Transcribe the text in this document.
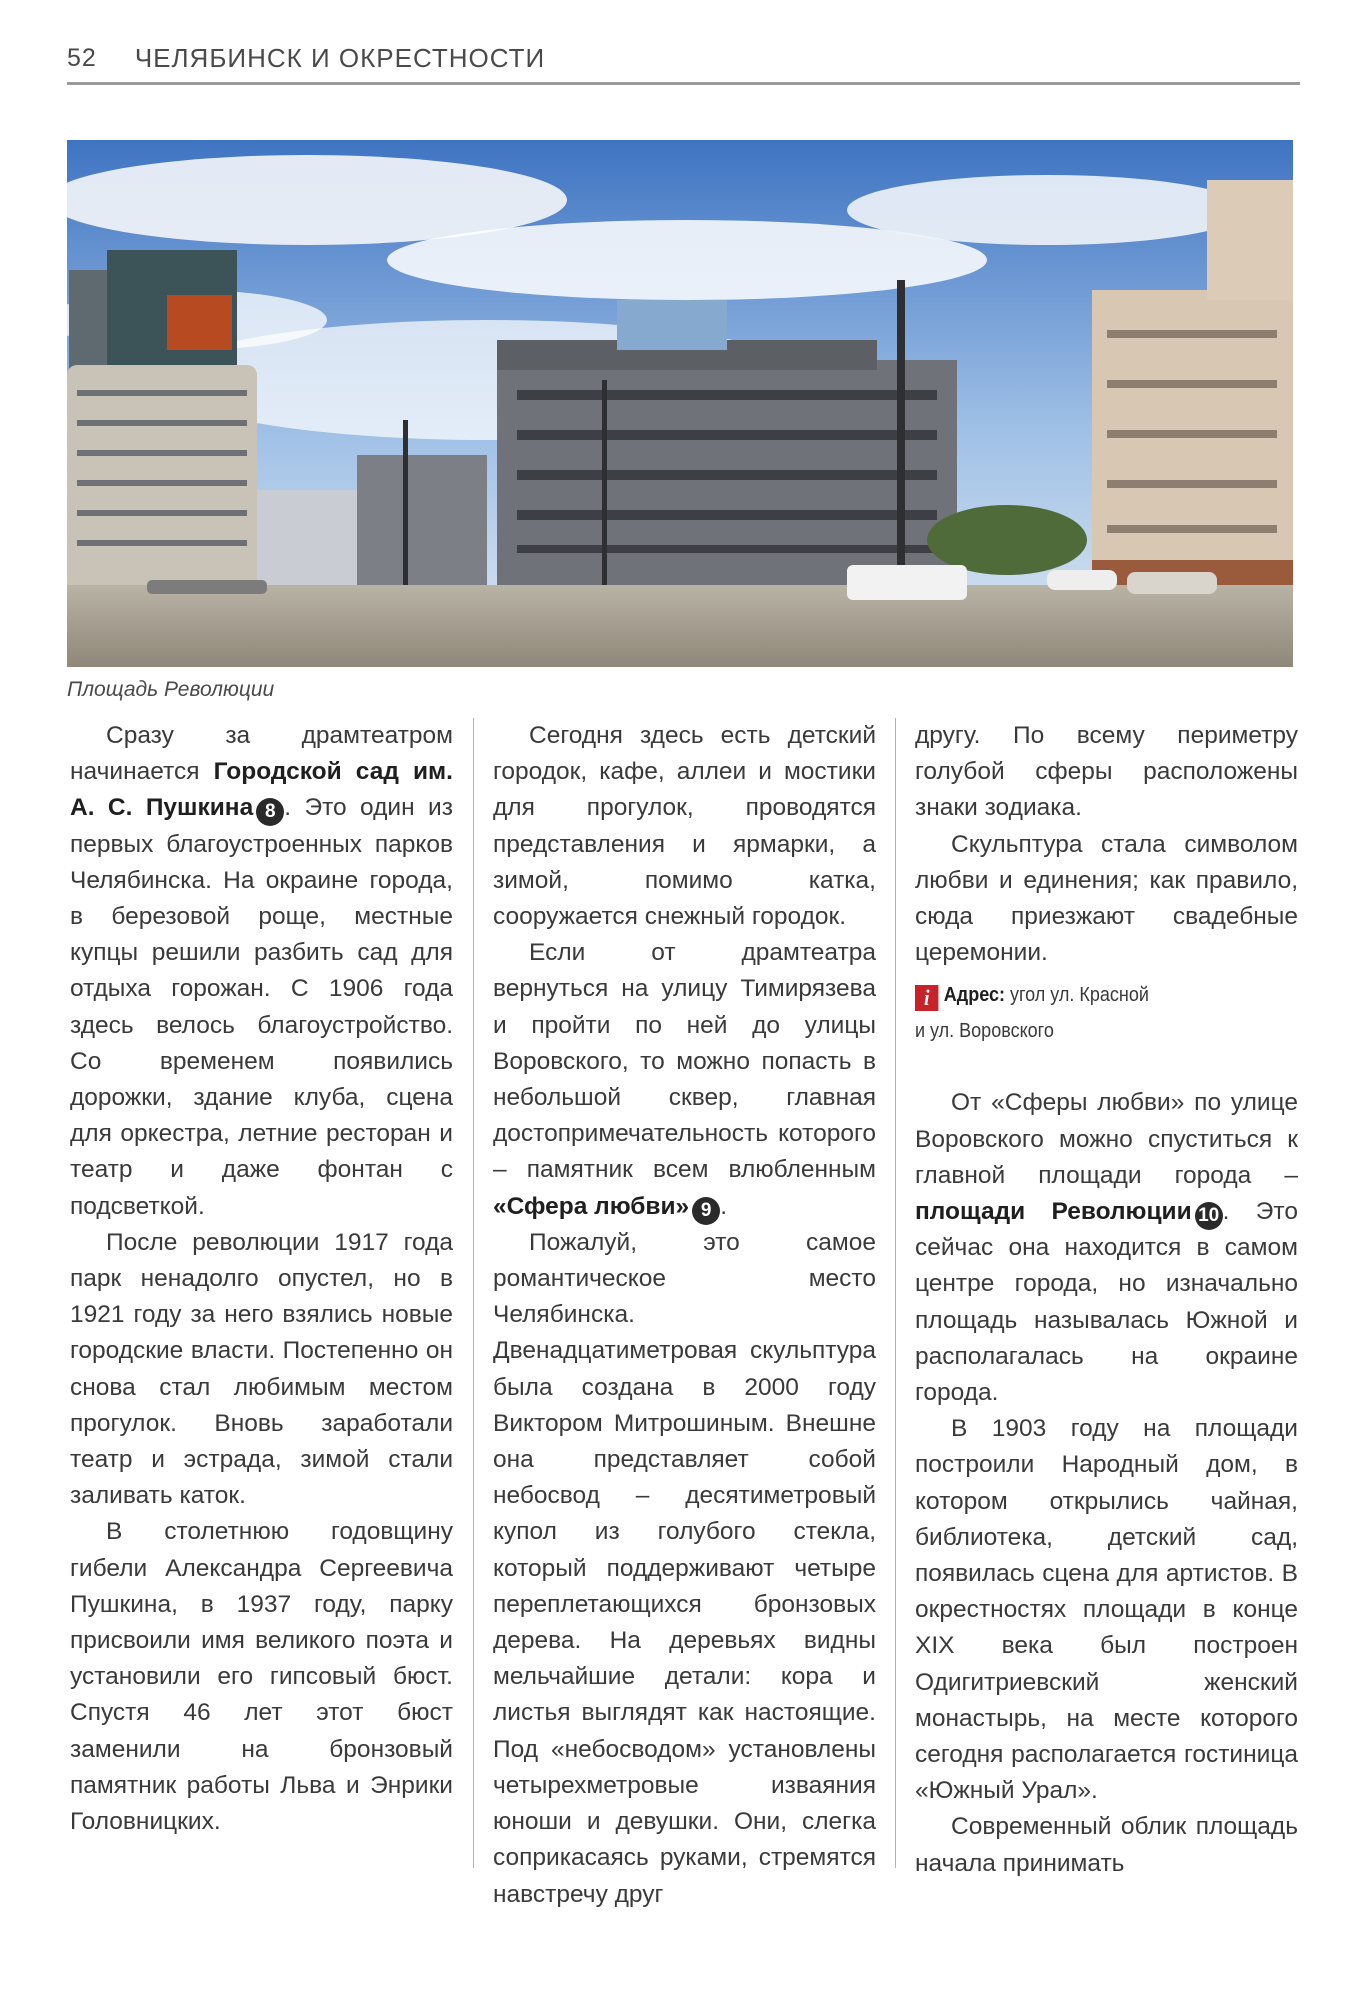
52 ЧЕЛЯБИНСК И ОКРЕСТНОСТИ
Площадь Революции

Сразу за драмтеатром начинается Городской сад им. А. С. Пушкина 8 . Это один из первых благоустроенных парков Челябинска. На окраине города, в березовой роще, местные купцы решили разбить сад для отдыха горожан. С 1906 года здесь велось благоустройство. Со временем появились дорожки, здание клуба, сцена для оркестра, летние ресторан и театр и даже фонтан с подсветкой.

После революции 1917 года парк ненадолго опустел, но в 1921 году за него взялись новые городские власти. Постепенно он снова стал любимым местом прогулок. Вновь заработали театр и эстрада, зимой стали заливать каток.

В столетнюю годовщину гибели Александра Сергеевича Пушкина, в 1937 году, парку присвоили имя великого поэта и установили его гипсовый бюст. Спустя 46 лет этот бюст заменили на бронзовый памятник работы Льва и Энрики Головницких.

Сегодня здесь есть детский городок, кафе, аллеи и мостики для прогулок, проводятся представления и ярмарки, а зимой, помимо катка, сооружается снежный городок.

Если от драмтеатра вернуться на улицу Тимирязева и пройти по ней до улицы Воровского, то можно попасть в небольшой сквер, главная достопримечательность которого – памятник всем влюбленным «Сфера любви» 9 .

Пожалуй, это самое романтическое место Челябинска. Двенадцатиметровая скульптура была создана в 2000 году Виктором Митрошиным. Внешне она представляет собой небосвод – десятиметровый купол из голубого стекла, который поддерживают четыре переплетающихся бронзовых дерева. На деревьях видны мельчайшие детали: кора и листья выглядят как настоящие. Под «небосводом» установлены четырехметровые изваяния юноши и девушки. Они, слегка соприкасаясь руками, стремятся навстречу друг

другу. По всему периметру голубой сферы расположены знаки зодиака.

Скульптура стала символом любви и единения; как правило, сюда приезжают свадебные церемонии.

i Адрес: угол ул. Красной
и ул. Воровского

От «Сферы любви» по улице Воровского можно спуститься к главной площади города – площади Революции 10 . Это сейчас она находится в самом центре города, но изначально площадь называлась Южной и располагалась на окраине города.

В 1903 году на площади построили Народный дом, в котором открылись чайная, библиотека, детский сад, появилась сцена для артистов. В окрестностях площади в конце XIX века был построен Одигитриевский женский монастырь, на месте которого сегодня располагается гостиница «Южный Урал».

Современный облик площадь начала принимать
